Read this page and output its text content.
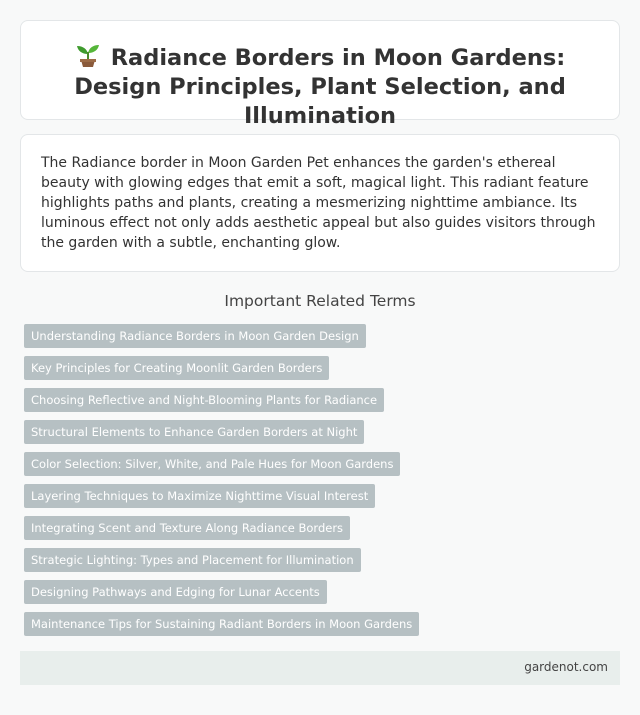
Radiance Borders in Moon Gardens: Design Principles, Plant Selection, and Illumination

The Radiance border in Moon Garden Pet enhances the garden's ethereal beauty with glowing edges that emit a soft, magical light. This radiant feature highlights paths and plants, creating a mesmerizing nighttime ambiance. Its luminous effect not only adds aesthetic appeal but also guides visitors through the garden with a subtle, enchanting glow.

Important Related Terms
Understanding Radiance Borders in Moon Garden Design
Key Principles for Creating Moonlit Garden Borders
Choosing Reflective and Night-Blooming Plants for Radiance
Structural Elements to Enhance Garden Borders at Night
Color Selection: Silver, White, and Pale Hues for Moon Gardens
Layering Techniques to Maximize Nighttime Visual Interest
Integrating Scent and Texture Along Radiance Borders
Strategic Lighting: Types and Placement for Illumination
Designing Pathways and Edging for Lunar Accents
Maintenance Tips for Sustaining Radiant Borders in Moon Gardens
gardenot.com
